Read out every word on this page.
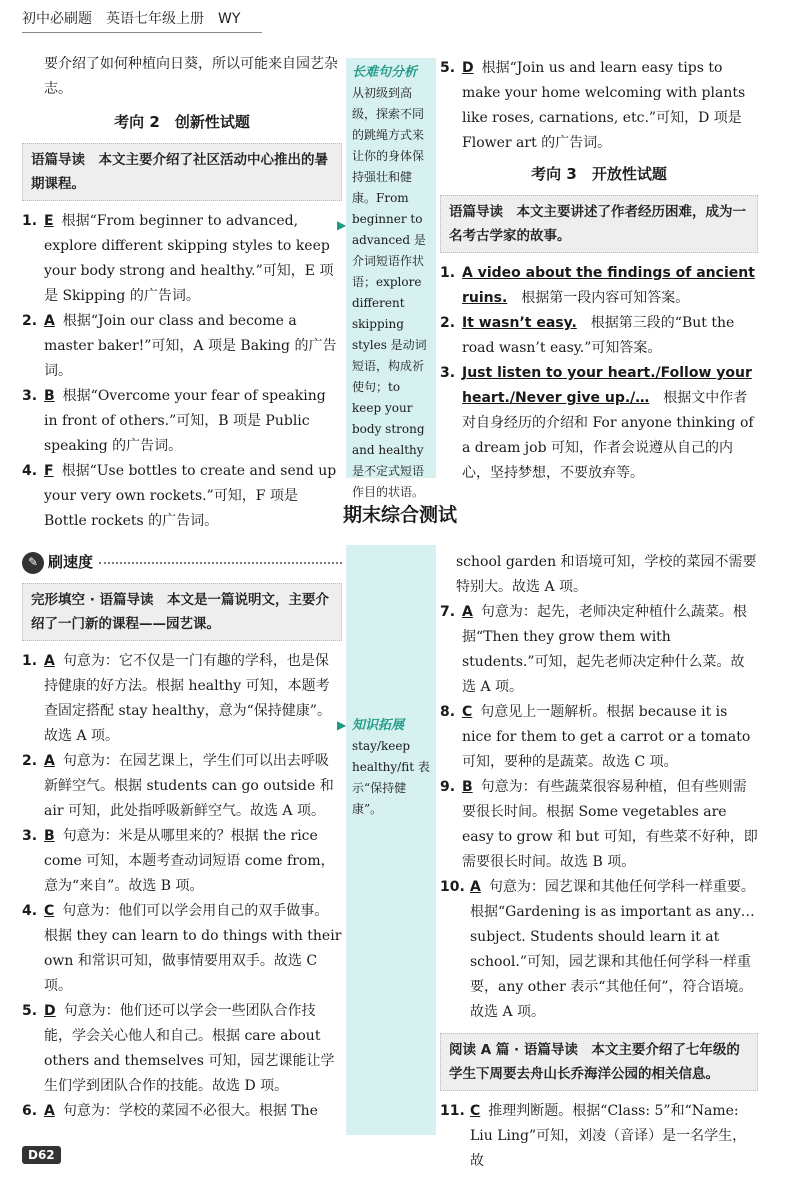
初中必刷题　英语七年级上册　WY

要介绍了如何种植向日葵，所以可能来自园艺杂志。

考向 2　创新性试题
语篇导读　本文主要介绍了社区活动中心推出的暑期课程。
1. E 根据“From beginner to advanced, explore different skipping styles to keep your body strong and healthy.”可知，E 项是 Skipping 的广告词。
2. A 根据“Join our class and become a master baker!”可知，A 项是 Baking 的广告词。
3. B 根据“Overcome your fear of speaking in front of others.”可知，B 项是 Public speaking 的广告词。
4. F 根据“Use bottles to create and send up your very own rockets.”可知，F 项是 Bottle rockets 的广告词。
长难句分析
从初级到高级，探索不同的跳绳方式来让你的身体保持强壮和健康。From beginner to advanced 是介词短语作状语；explore different skipping styles 是动词短语，构成祈使句；to keep your body strong and healthy 是不定式短语作目的状语。
▶
5. D 根据“Join us and learn easy tips to make your home welcoming with plants like roses, carnations, etc.”可知，D 项是 Flower art 的广告词。
考向 3　开放性试题
语篇导读　本文主要讲述了作者经历困难，成为一名考古学家的故事。
1. A video about the findings of ancient ruins.　 根据第一段内容可知答案。
2. It wasn’t easy.　 根据第三段的“But the road wasn’t easy.”可知答案。
3. Just listen to your heart./Follow your heart./Never give up./…　 根据文中作者对自身经历的介绍和 For anyone thinking of a dream job 可知，作者会说遵从自己的内心，坚持梦想，不要放弃等。
期末综合测试
✎ 刷速度
完形填空 · 语篇导读　本文是一篇说明文，主要介绍了一门新的课程——园艺课。
1. A 句意为：它不仅是一门有趣的学科，也是保持健康的好方法。根据 healthy 可知，本题考查固定搭配 stay healthy，意为“保持健康”。故选 A 项。
2. A 句意为：在园艺课上，学生们可以出去呼吸新鲜空气。根据 students can go outside 和 air 可知，此处指呼吸新鲜空气。故选 A 项。
3. B 句意为：米是从哪里来的？根据 the rice come 可知，本题考查动词短语 come from，意为“来自”。故选 B 项。
4. C 句意为：他们可以学会用自己的双手做事。根据 they can learn to do things with their own 和常识可知，做事情要用双手。故选 C 项。
5. D 句意为：他们还可以学会一些团队合作技能，学会关心他人和自己。根据 care about others and themselves 可知，园艺课能让学生们学到团队合作的技能。故选 D 项。
6. A 句意为：学校的菜园不必很大。根据 The
知识拓展
stay/keep healthy/fit 表示“保持健康”。
▶

school garden 和语境可知，学校的菜园不需要特别大。故选 A 项。

7. A 句意为：起先，老师决定种植什么蔬菜。根据“Then they grow them with students.”可知，起先老师决定种什么菜。故选 A 项。
8. C 句意见上一题解析。根据 because it is nice for them to get a carrot or a tomato 可知，要种的是蔬菜。故选 C 项。
9. B 句意为：有些蔬菜很容易种植，但有些则需要很长时间。根据 Some vegetables are easy to grow 和 but 可知，有些菜不好种，即需要很长时间。故选 B 项。
10. A 句意为：园艺课和其他任何学科一样重要。根据“Gardening is as important as any… subject. Students should learn it at school.”可知，园艺课和其他任何学科一样重要，any other 表示“其他任何”，符合语境。故选 A 项。
阅读 A 篇 · 语篇导读　本文主要介绍了七年级的学生下周要去舟山长乔海洋公园的相关信息。
11. C 推理判断题。根据“Class: 5”和“Name: Liu Ling”可知，刘凌（音译）是一名学生，故
D62
